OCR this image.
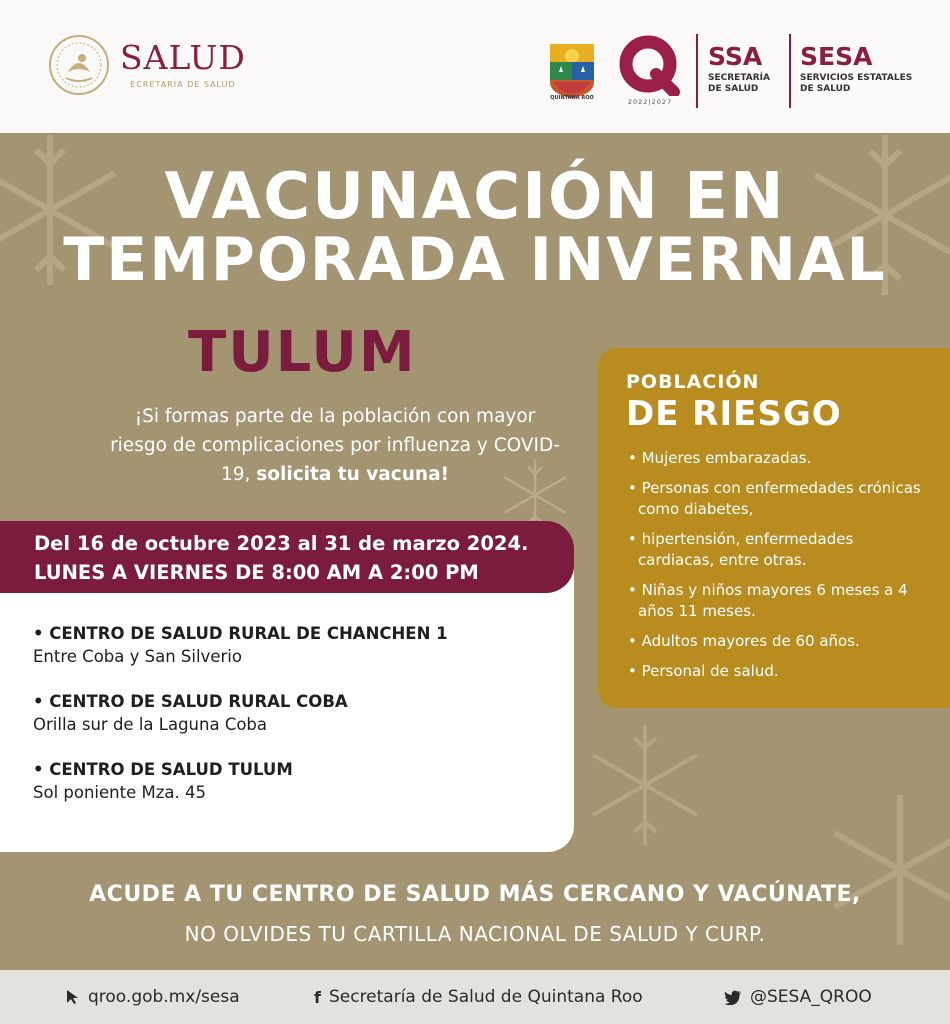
SALUD
ECRETARÍA DE SALUD
QUINTANA ROO	2022|2027
SSA
SECRETARÍA
DE SALUD
SESA
SERVICIOS ESTATALES
DE SALUD
VACUNACIÓN EN
TEMPORADA INVERNAL
TULUM
¡Si formas parte de la población con mayor riesgo de complicaciones por influenza y COVID-19, solicita tu vacuna!
Del 16 de octubre 2023 al 31 de marzo 2024.
LUNES A VIERNES DE 8:00 AM A 2:00 PM
• CENTRO DE SALUD RURAL DE CHANCHEN 1
Entre Coba y San Silverio
• CENTRO DE SALUD RURAL COBA
Orilla sur de la Laguna Coba
• CENTRO DE SALUD TULUM
Sol poniente Mza. 45
POBLACIÓN
DE RIESGO
• Mujeres embarazadas.
• Personas con enfermedades crónicas como diabetes,
• hipertensión, enfermedades cardiacas, entre otras.
• Niñas y niños mayores 6 meses a 4 años 11 meses.
• Adultos mayores de 60 años.
• Personal de salud.
ACUDE A TU CENTRO DE SALUD MÁS CERCANO Y VACÚNATE,
NO OLVIDES TU CARTILLA NACIONAL DE SALUD Y CURP.
qroo.gob.mx/sesa	f Secretaría de Salud de Quintana Roo	@SESA_QROO
